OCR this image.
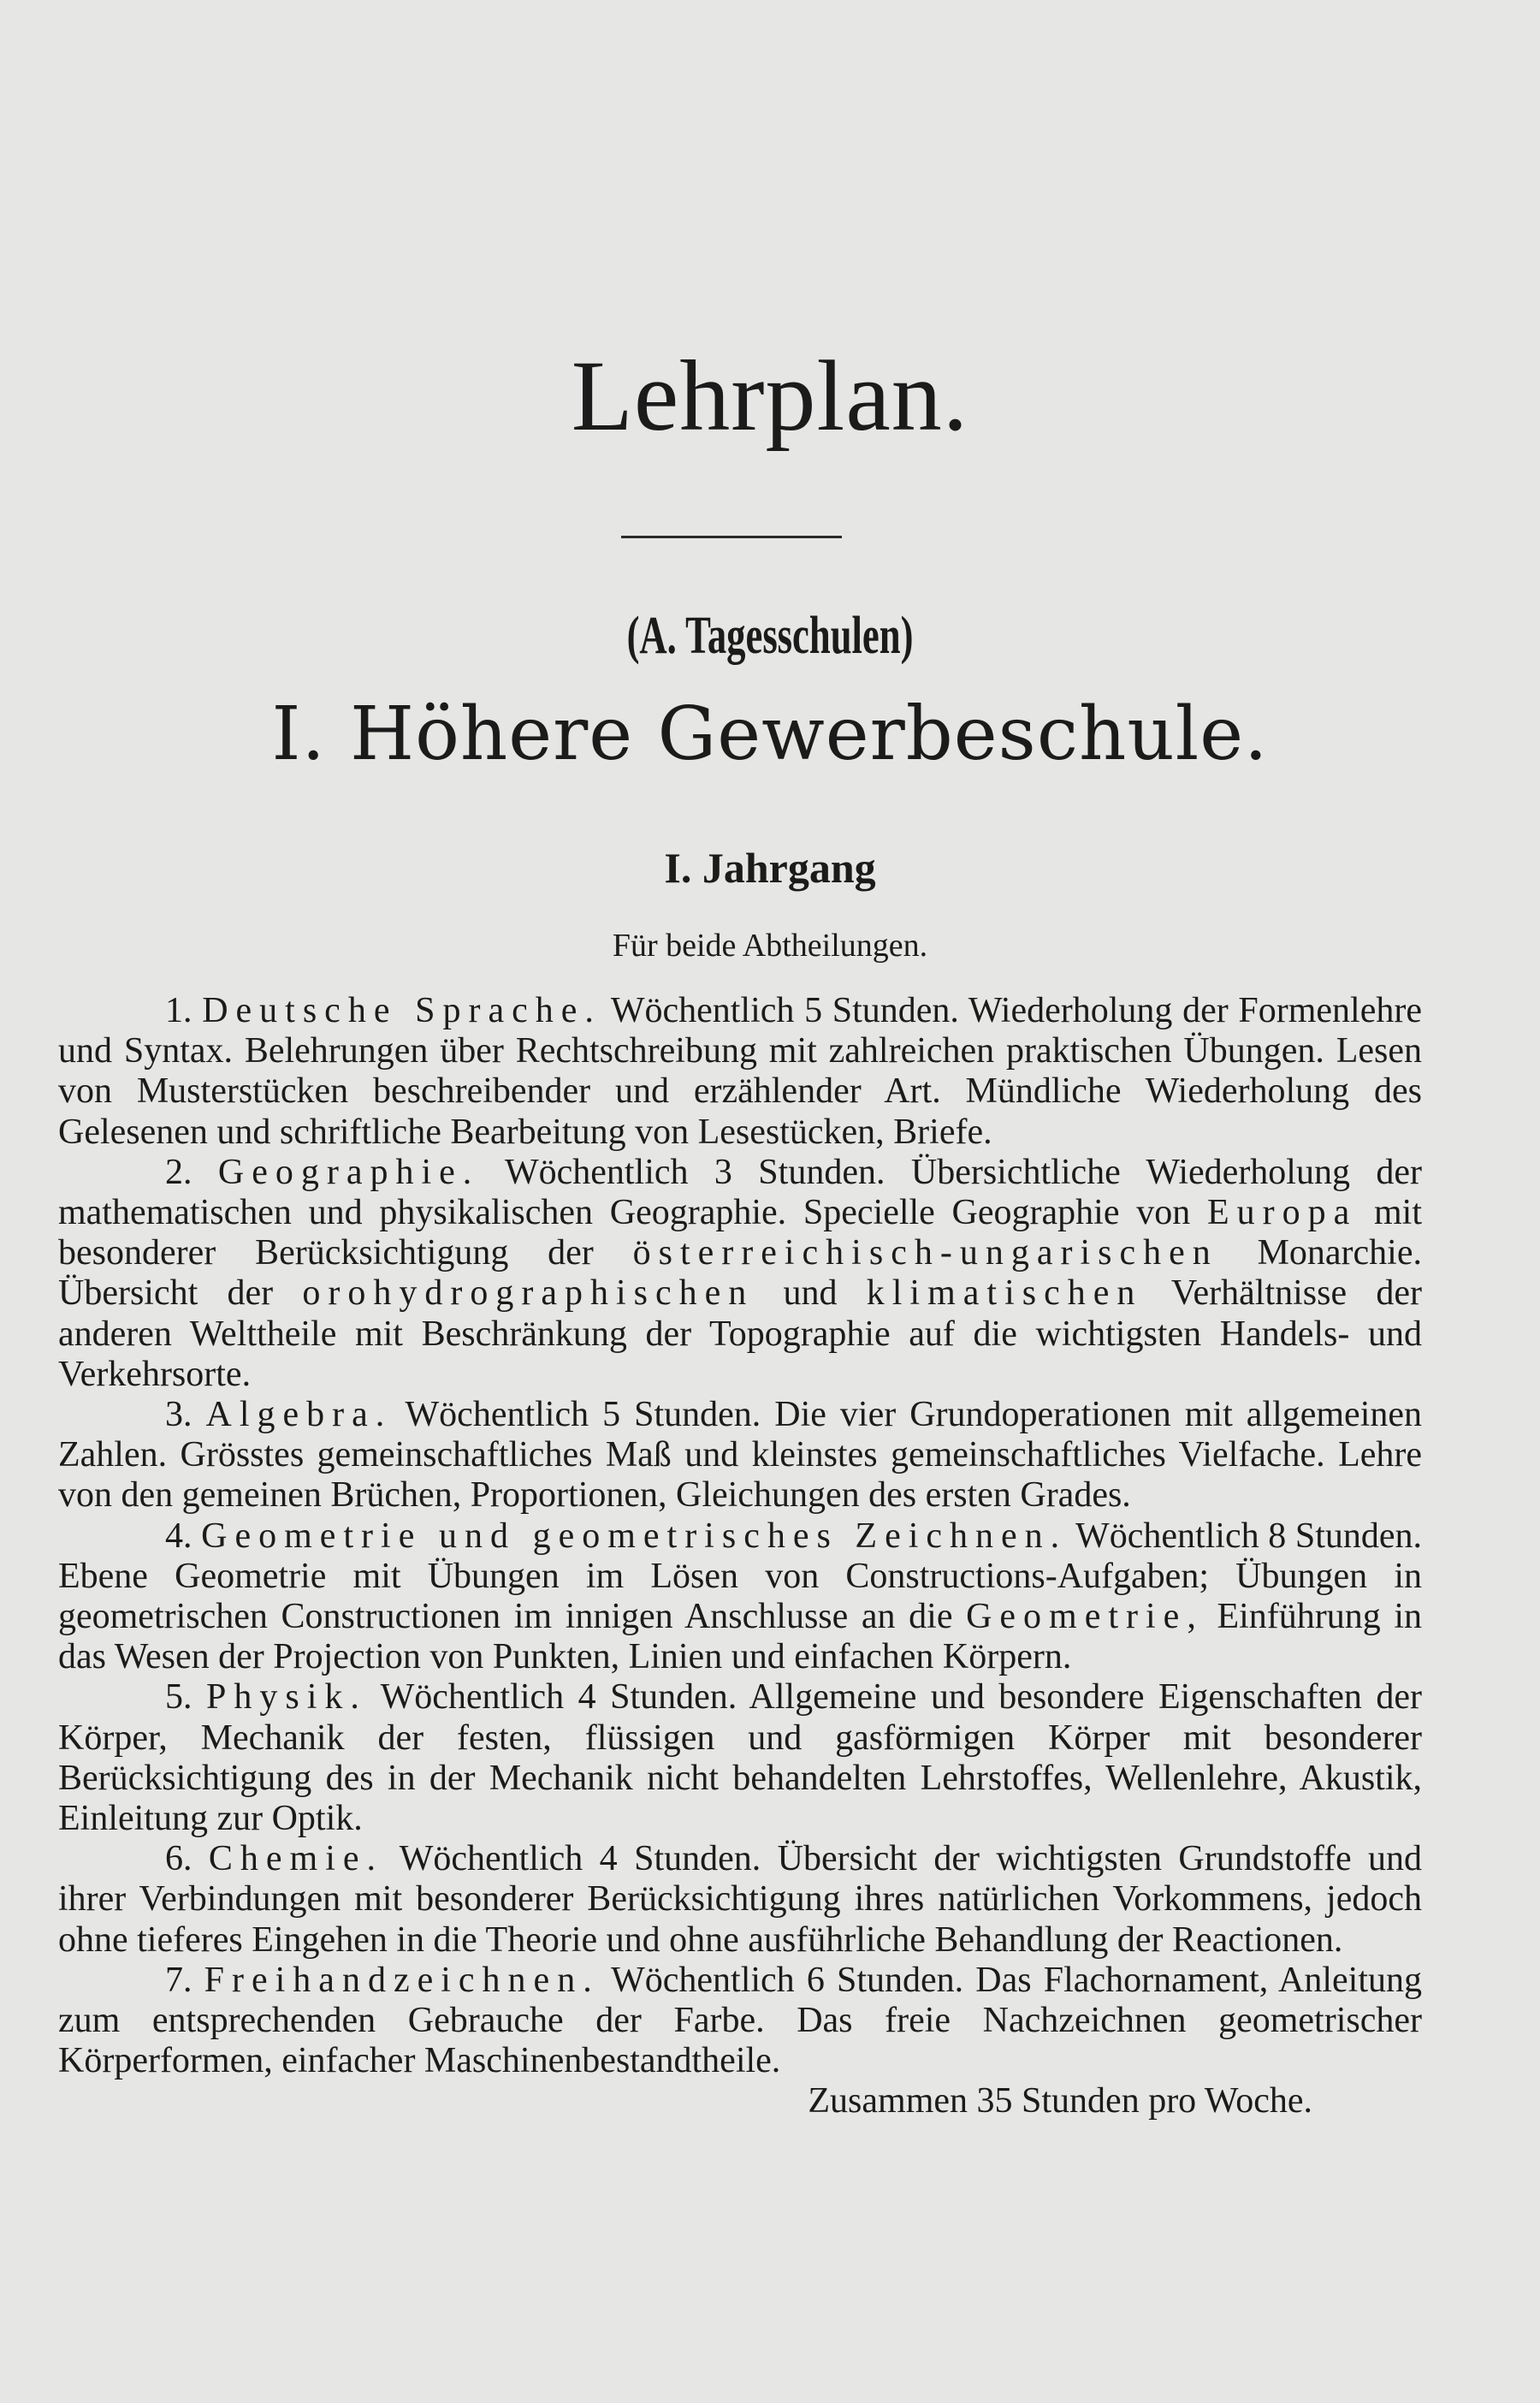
Lehrplan.
(A. Tagesschulen)
I. Höhere Gewerbeschule.
I. Jahrgang
Für beide Abtheilungen.

1. Deutsche Sprache. Wöchentlich 5 Stunden. Wiederholung der Formenlehre und Syntax. Belehrungen über Rechtschreibung mit zahlreichen praktischen Übungen. Lesen von Musterstücken beschreibender und erzählender Art. Mündliche Wiederholung des Gelesenen und schriftliche Bearbeitung von Lesestücken, Briefe.

2. Geographie. Wöchentlich 3 Stunden. Übersichtliche Wiederholung der mathematischen und physikalischen Geographie. Specielle Geographie von Europa mit besonderer Berücksichtigung der österreichisch-ungarischen Monarchie. Übersicht der orohydrographischen und klimatischen Verhältnisse der anderen Welttheile mit Beschränkung der Topographie auf die wichtigsten Handels- und Verkehrsorte.

3. Algebra. Wöchentlich 5 Stunden. Die vier Grundoperationen mit allgemeinen Zahlen. Grösstes gemeinschaftliches Maß und kleinstes gemeinschaftliches Vielfache. Lehre von den gemeinen Brüchen, Proportionen, Gleichungen des ersten Grades.

4. Geometrie und geometrisches Zeichnen. Wöchentlich 8 Stunden. Ebene Geometrie mit Übungen im Lösen von Constructions-Aufgaben; Übungen in geometrischen Constructionen im innigen Anschlusse an die Geometrie, Einführung in das Wesen der Projection von Punkten, Linien und einfachen Körpern.

5. Physik. Wöchentlich 4 Stunden. Allgemeine und besondere Eigenschaften der Körper, Mechanik der festen, flüssigen und gasförmigen Körper mit besonderer Berücksichtigung des in der Mechanik nicht behandelten Lehrstoffes, Wellenlehre, Akustik, Einleitung zur Optik.

6. Chemie. Wöchentlich 4 Stunden. Übersicht der wichtigsten Grundstoffe und ihrer Verbindungen mit besonderer Berücksichtigung ihres natürlichen Vorkommens, jedoch ohne tieferes Eingehen in die Theorie und ohne ausführliche Behandlung der Reactionen.

7. Freihandzeichnen. Wöchentlich 6 Stunden. Das Flachornament, Anleitung zum entsprechenden Gebrauche der Farbe. Das freie Nachzeichnen geometrischer Körperformen, einfacher Maschinenbestandtheile.

Zusammen 35 Stunden pro Woche.
